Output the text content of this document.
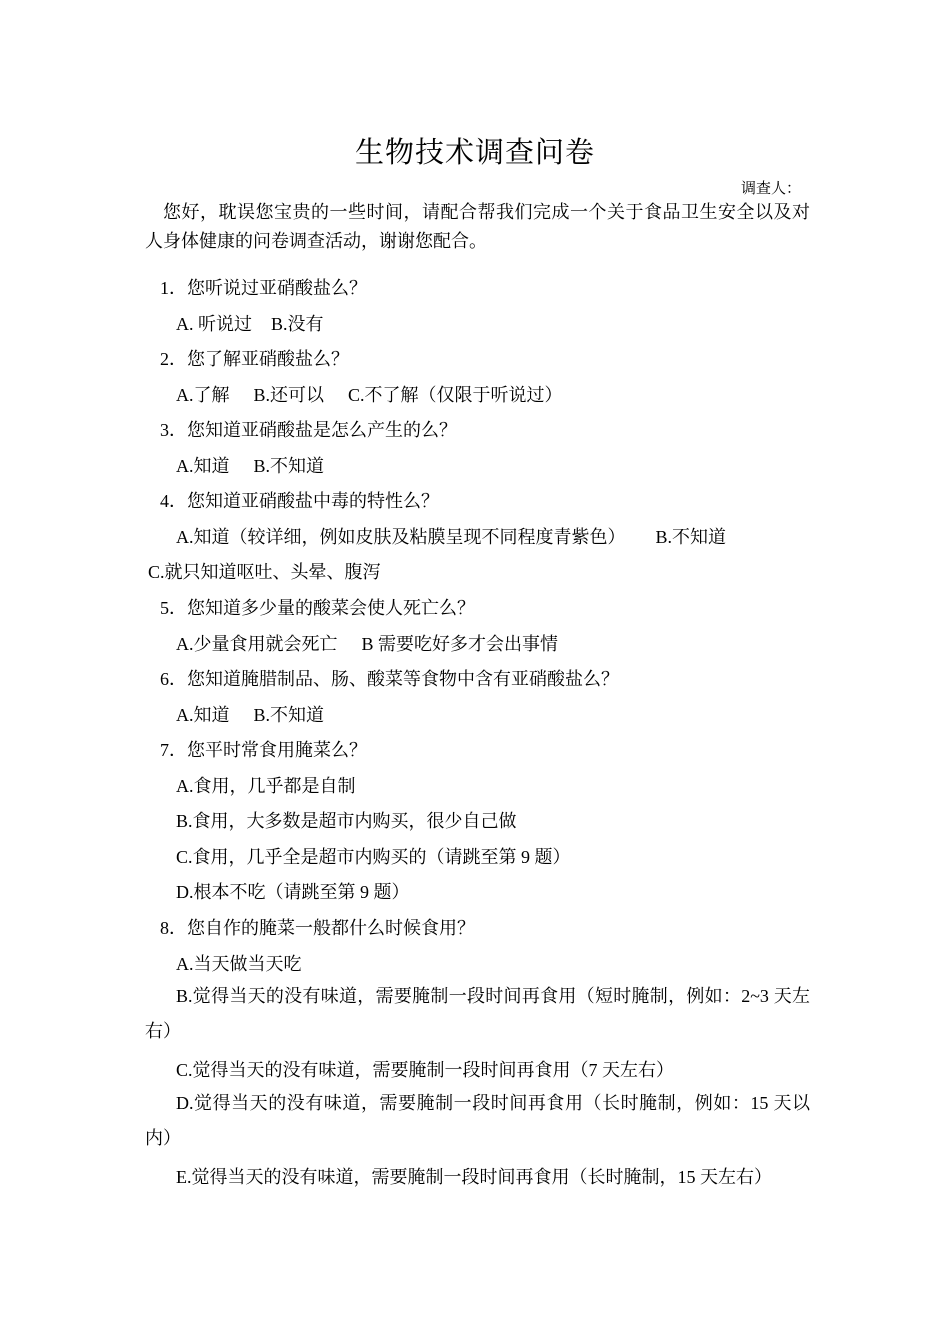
生物技术调查问卷
调查人：
您好，耽误您宝贵的一些时间，请配合帮我们完成一个关于食品卫生安全以及对人身体健康的问卷调查活动，谢谢您配合。
1．您听说过亚硝酸盐么？
A. 听说过 B.没有
2．您了解亚硝酸盐么？
A.了解 B.还可以 C.不了解（仅限于听说过）
3．您知道亚硝酸盐是怎么产生的么？
A.知道 B.不知道
4．您知道亚硝酸盐中毒的特性么？
A.知道（较详细，例如皮肤及粘膜呈现不同程度青紫色） B.不知道
C.就只知道呕吐、头晕、腹泻
5．您知道多少量的酸菜会使人死亡么？
A.少量食用就会死亡 B 需要吃好多才会出事情
6．您知道腌腊制品、肠、酸菜等食物中含有亚硝酸盐么？
A.知道 B.不知道
7．您平时常食用腌菜么？
A.食用，几乎都是自制
B.食用，大多数是超市内购买，很少自己做
C.食用，几乎全是超市内购买的（请跳至第 9 题）
D.根本不吃（请跳至第 9 题）
8．您自作的腌菜一般都什么时候食用？
A.当天做当天吃
B.觉得当天的没有味道，需要腌制一段时间再食用（短时腌制，例如：2~3 天左右）
C.觉得当天的没有味道，需要腌制一段时间再食用（7 天左右）
D.觉得当天的没有味道，需要腌制一段时间再食用（长时腌制，例如：15 天以内）
E.觉得当天的没有味道，需要腌制一段时间再食用（长时腌制，15 天左右）
